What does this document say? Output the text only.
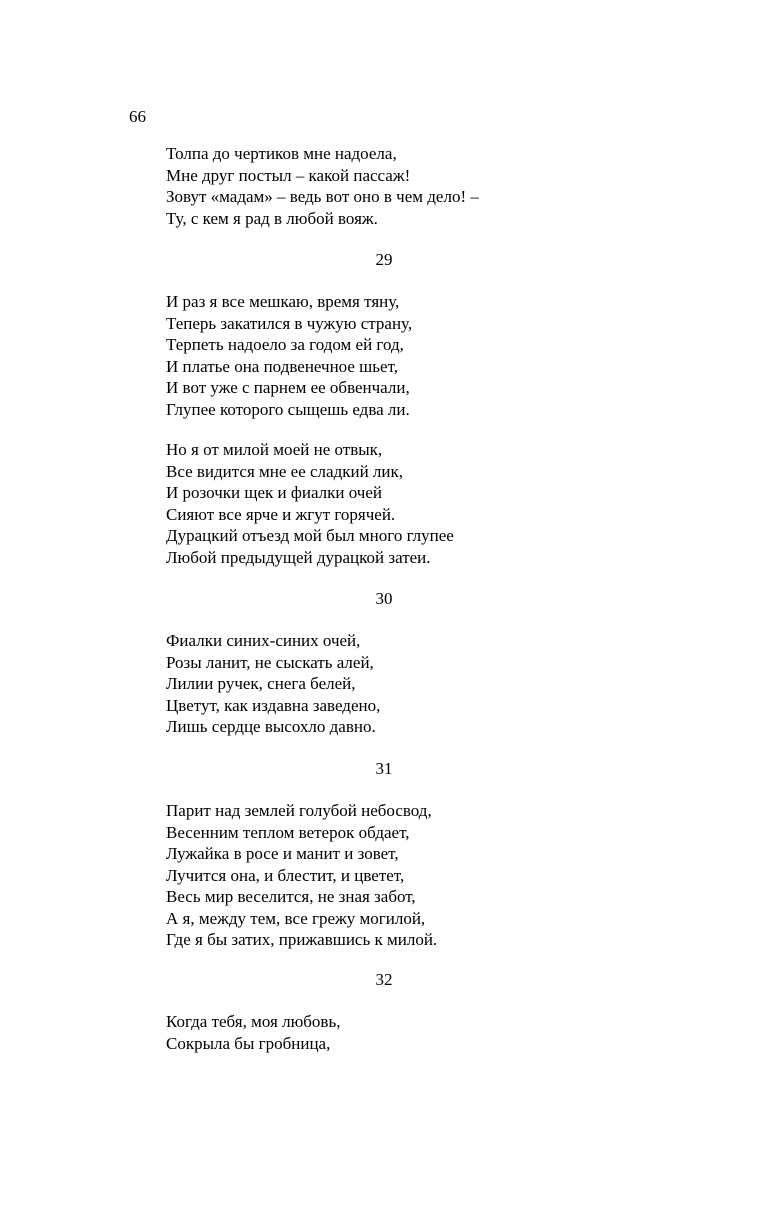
66
Толпа до чертиков мне надоела,
Мне друг постыл – какой пассаж!
Зовут «мадам» – ведь вот оно в чем дело! –
Ту, с кем я рад в любой вояж.
29
И раз я все мешкаю, время тяну,
Теперь закатился в чужую страну,
Терпеть надоело за годом ей год,
И платье она подвенечное шьет,
И вот уже с парнем ее обвенчали,
Глупее которого сыщешь едва ли.
Но я от милой моей не отвык,
Все видится мне ее сладкий лик,
И розочки щек и фиалки очей
Сияют все ярче и жгут горячей.
Дурацкий отъезд мой был много глупее
Любой предыдущей дурацкой затеи.
30
Фиалки синих-синих очей,
Розы ланит, не сыскать алей,
Лилии ручек, снега белей,
Цветут, как издавна заведено,
Лишь сердце высохло давно.
31
Парит над землей голубой небосвод,
Весенним теплом ветерок обдает,
Лужайка в росе и манит и зовет,
Лучится она, и блестит, и цветет,
Весь мир веселится, не зная забот,
А я, между тем, все грежу могилой,
Где я бы затих, прижавшись к милой.
32
Когда тебя, моя любовь,
Сокрыла бы гробница,
